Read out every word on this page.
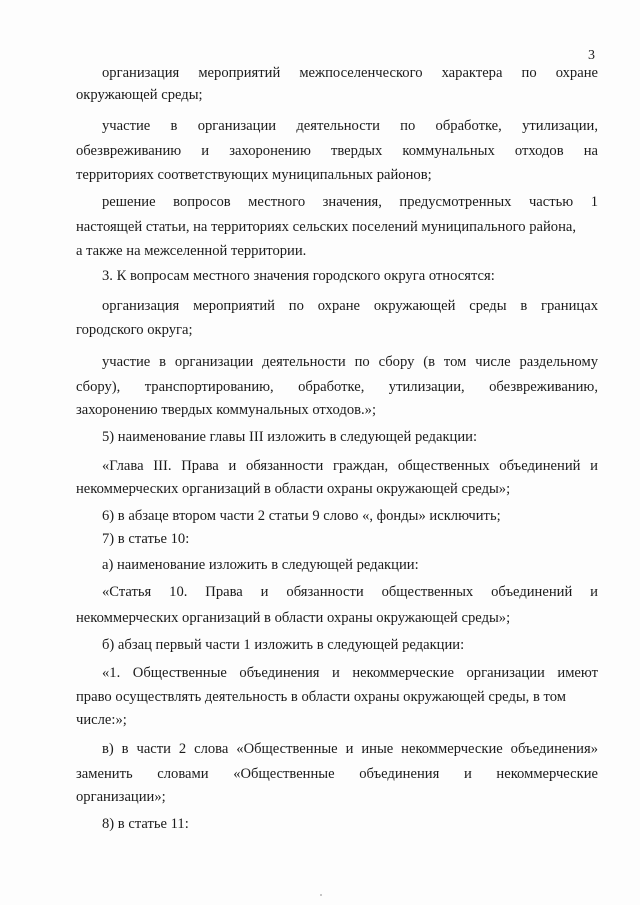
3
организация мероприятий межпоселенческого характера по охране
окружающей среды;
участие в организации деятельности по обработке, утилизации,
обезвреживанию и захоронению твердых коммунальных отходов на
территориях соответствующих муниципальных районов;
решение вопросов местного значения, предусмотренных частью 1
настоящей статьи, на территориях сельских поселений муниципального района,
а также на межселенной территории.
3. К вопросам местного значения городского округа относятся:
организация мероприятий по охране окружающей среды в границах
городского округа;
участие в организации деятельности по сбору (в том числе раздельному
сбору), транспортированию, обработке, утилизации, обезвреживанию,
захоронению твердых коммунальных отходов.»;
5) наименование главы III изложить в следующей редакции:
«Глава III. Права и обязанности граждан, общественных объединений и
некоммерческих организаций в области охраны окружающей среды»;
6) в абзаце втором части 2 статьи 9 слово «, фонды» исключить;
7) в статье 10:
а) наименование изложить в следующей редакции:
«Статья 10. Права и обязанности общественных объединений и
некоммерческих организаций в области охраны окружающей среды»;
б) абзац первый части 1 изложить в следующей редакции:
«1. Общественные объединения и некоммерческие организации имеют
право осуществлять деятельность в области охраны окружающей среды, в том
числе:»;
в) в части 2 слова «Общественные и иные некоммерческие объединения»
заменить словами «Общественные объединения и некоммерческие
организации»;
8) в статье 11:
